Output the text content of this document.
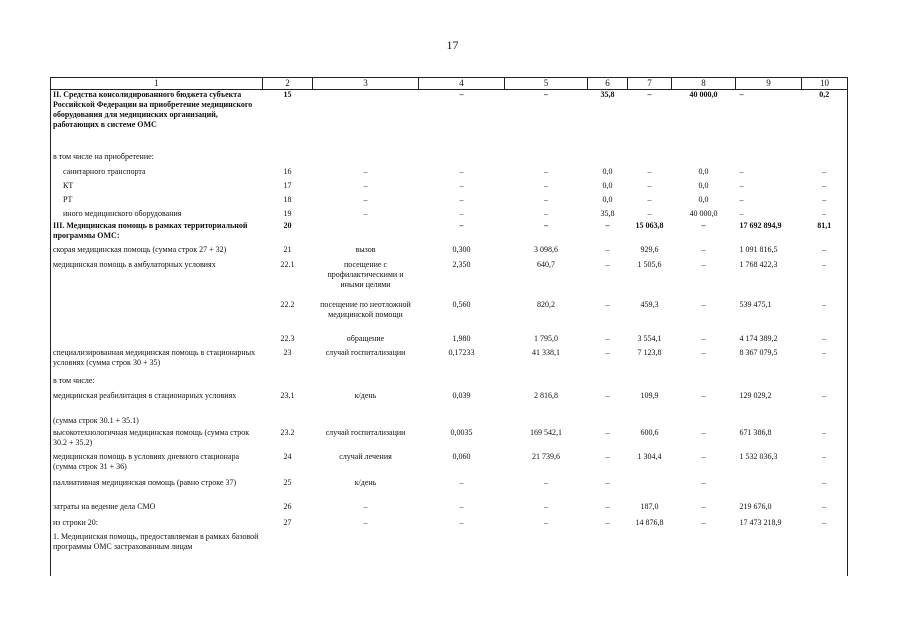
17
1	2	3	4	5	6	7	8	9	10
II. Средства консолидированного бюджета субъекта Российской Федерации на приобретение медицинского оборудования для медицинских организаций, работающих в системе ОМС	15		–	–	35,8	–	40 000,0	–	0,2
в том числе на приобретение:									
санитарного транспорта	16	–	–	–	0,0	–	0,0	–	–
КТ	17	–	–	–	0,0	–	0,0	–	–
РТ	18	–	–	–	0,0	–	0,0	–	–
иного медицинского оборудования	19	–	–	–	35,8	–	40 000,0	–	–
III. Медицинская помощь в рамках территориальной программы ОМС:	20		–	–	–	15 063,8	–	17 692 894,9	81,1
скорая медицинская помощь (сумма строк 27 + 32)	21	вызов	0,300	3 098,6	–	929,6	–	1 091 816,5	–
медицинская помощь в амбулаторных условиях	22.1	посещение с профилактическими и иными целями	2,350	640,7	–	1 505,6	–	1 768 422,3	–
	22.2	посещение по неотложной медицинской помощи	0,560	820,2	–	459,3	–	539 475,1	–
	22.3	обращение	1,980	1 795,0	–	3 554,1	–	4 174 389,2	–
специализированная медицинская помощь в стационарных условиях (сумма строк 30 + 35)	23	случай госпитализации	0,17233	41 338,1	–	7 123,8	–	8 367 079,5	–
в том числе:									
медицинская реабилитация в стационарных условиях	23.1	к/день	0,039	2 816,8	–	109,9	–	129 029,2	–
(сумма строк 30.1 + 35.1)									
высокотехнологичная медицинская помощь (сумма строк 30.2 + 35.2)	23.2	случай госпитализации	0,0035	169 542,1	–	600,6	–	671 386,8	–
медицинская помощь в условиях дневного стационара (сумма строк 31 + 36)	24	случай лечения	0,060	21 739,6	–	1 304,4	–	1 532 036,3	–
паллиативная медицинская помощь (равно строке 37)	25	к/день	–	–	–		–		–
затраты на ведение дела СМО	26	–	–	–	–	187,0	–	219 676,0	–
из строки 20:	27	–	–	–	–	14 876,8	–	17 473 218,9	–
1. Медицинская помощь, предоставляемая в рамках базовой программы ОМС застрахованным лицам									
